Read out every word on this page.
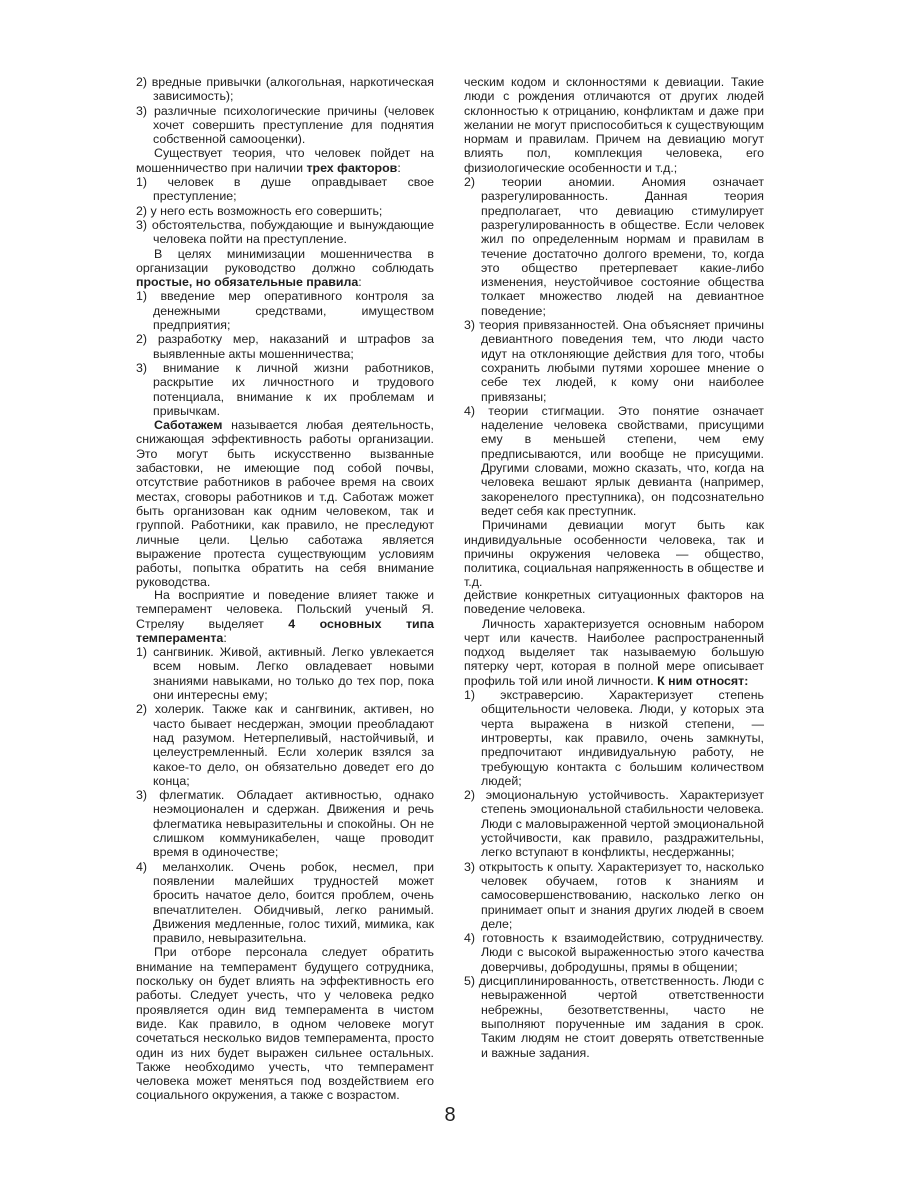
2) вредные привычки (алкогольная, наркотическая зависимость);
3) различные психологические причины (человек хочет совершить преступление для поднятия собственной самооценки).
Существует теория, что человек пойдет на мошенничество при наличии трех факторов:
1) человек в душе оправдывает свое преступление;
2) у него есть возможность его совершить;
3) обстоятельства, побуждающие и вынуждающие человека пойти на преступление.
В целях минимизации мошенничества в организации руководство должно соблюдать простые, но обязательные правила:
1) введение мер оперативного контроля за денежными средствами, имуществом предприятия;
2) разработку мер, наказаний и штрафов за выявленные акты мошенничества;
3) внимание к личной жизни работников, раскрытие их личностного и трудового потенциала, внимание к их проблемам и привычкам.
Саботажем называется любая деятельность, снижающая эффективность работы организации. Это могут быть искусственно вызванные забастовки, не имеющие под собой почвы, отсутствие работников в рабочее время на своих местах, сговоры работников и т.д. Саботаж может быть организован как одним человеком, так и группой. Работники, как правило, не преследуют личные цели. Целью саботажа является выражение протеста существующим условиям работы, попытка обратить на себя внимание руководства.
ческим кодом и склонностями к девиации. Такие люди с рождения отличаются от других людей склонностью к отрицанию, конфликтам и даже при желании не могут приспособиться к существующим нормам и правилам. Причем на девиацию могут влиять пол, комплекция человека, его физиологические особенности и т.д.;
2) теории аномии. Аномия означает разрегулированность. Данная теория предполагает, что девиацию стимулирует разрегулированность в обществе. Если человек жил по определенным нормам и правилам в течение достаточно долгого времени, то, когда это общество претерпевает какие-либо изменения, неустойчивое состояние общества толкает множество людей на девиантное поведение;
3) теория привязанностей. Она объясняет причины девиантного поведения тем, что люди часто идут на отклоняющие действия для того, чтобы сохранить любыми путями хорошее мнение о себе тех людей, к кому они наиболее привязаны;
4) теории стигмации. Это понятие означает наделение человека свойствами, присущими ему в меньшей степени, чем ему предписываются, или вообще не присущими. Другими словами, можно сказать, что, когда на человека вешают ярлык девианта (например, закоренелого преступника), он подсознательно ведет себя как преступник.
Причинами девиации могут быть как индивидуальные особенности человека, так и причины окружения человека — общество, политика, социальная напряженность в обществе и т.д.
На восприятие и поведение влияет также и темперамент человека. Польский ученый Я. Стреляу выделяет 4 основных типа темперамента:
1) сангвиник. Живой, активный. Легко увлекается всем новым. Легко овладевает новыми знаниями навыками, но только до тех пор, пока они интересны ему;
2) холерик. Также как и сангвиник, активен, но часто бывает несдержан, эмоции преобладают над разумом. Нетерпеливый, настойчивый, и целеустремленный. Если холерик взялся за какое-то дело, он обязательно доведет его до конца;
3) флегматик. Обладает активностью, однако неэмоционален и сдержан. Движения и речь флегматика невыразительны и спокойны. Он не слишком коммуникабелен, чаще проводит время в одиночестве;
4) меланхолик. Очень робок, несмел, при появлении малейших трудностей может бросить начатое дело, боится проблем, очень впечатлителен. Обидчивый, легко ранимый. Движения медленные, голос тихий, мимика, как правило, невыразительна.
При отборе персонала следует обратить внимание на темперамент будущего сотрудника, поскольку он будет влиять на эффективность его работы. Следует учесть, что у человека редко проявляется один вид темперамента в чистом виде. Как правило, в одном человеке могут сочетаться несколько видов темперамента, просто один из них будет выражен сильнее остальных. Также необходимо учесть, что темперамент человека может меняться под воздействием его социального окружения, а также с возрастом.
действие конкретных ситуационных факторов на поведение человека.
Личность характеризуется основным набором черт или качеств. Наиболее распространенный подход выделяет так называемую большую пятерку черт, которая в полной мере описывает профиль той или иной личности. К ним относят:
1) экстраверсию. Характеризует степень общительности человека. Люди, у которых эта черта выражена в низкой степени, — интроверты, как правило, очень замкнуты, предпочитают индивидуальную работу, не требующую контакта с большим количеством людей;
2) эмоциональную устойчивость. Характеризует степень эмоциональной стабильности человека. Люди с маловыраженной чертой эмоциональной устойчивости, как правило, раздражительны, легко вступают в конфликты, несдержанны;
3) открытость к опыту. Характеризует то, насколько человек обучаем, готов к знаниям и самосовершенствованию, насколько легко он принимает опыт и знания других людей в своем деле;
4) готовность к взаимодействию, сотрудничеству. Люди с высокой выраженностью этого качества доверчивы, добродушны, прямы в общении;
5) дисциплинированность, ответственность. Люди с невыраженной чертой ответственности небрежны, безответственны, часто не выполняют порученные им задания в срок. Таким людям не стоит доверять ответственные и важные задания.
8
